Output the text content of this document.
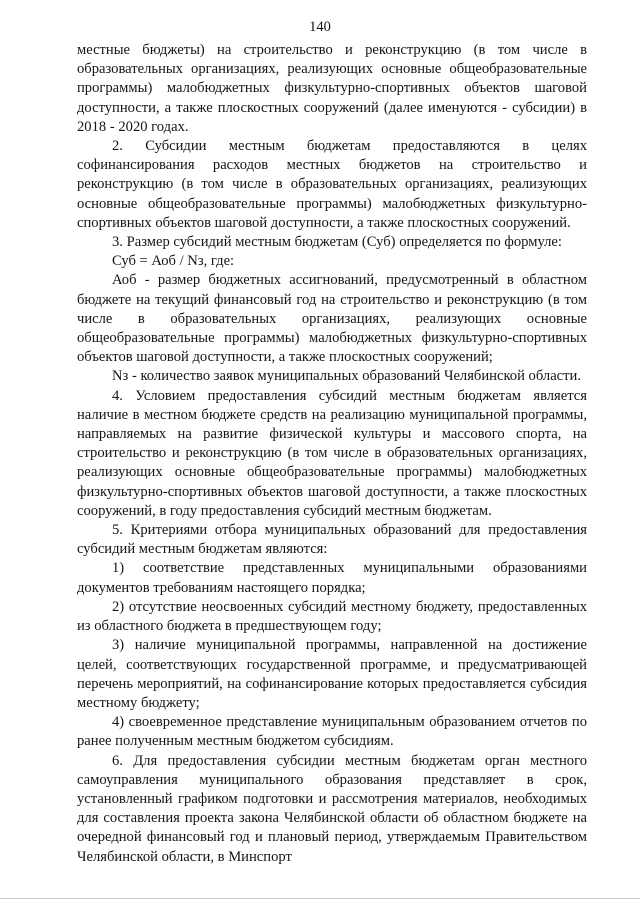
140

местные бюджеты) на строительство и реконструкцию (в том числе в образовательных организациях, реализующих основные общеобразовательные программы) малобюджетных физкультурно-спортивных объектов шаговой доступности, а также плоскостных сооружений (далее именуются - субсидии) в 2018 - 2020 годах.

2. Субсидии местным бюджетам предоставляются в целях софинансирования расходов местных бюджетов на строительство и реконструкцию (в том числе в образовательных организациях, реализующих основные общеобразовательные программы) малобюджетных физкультурно-спортивных объектов шаговой доступности, а также плоскостных сооружений.

3. Размер субсидий местным бюджетам (Суб) определяется по формуле:

Суб = Аоб / Nз, где:

Аоб - размер бюджетных ассигнований, предусмотренный в областном бюджете на текущий финансовый год на строительство и реконструкцию (в том числе в образовательных организациях, реализующих основные общеобразовательные программы) малобюджетных физкультурно-спортивных объектов шаговой доступности, а также плоскостных сооружений;

Nз - количество заявок муниципальных образований Челябинской области.

4. Условием предоставления субсидий местным бюджетам является наличие в местном бюджете средств на реализацию муниципальной программы, направляемых на развитие физической культуры и массового спорта, на строительство и реконструкцию (в том числе в образовательных организациях, реализующих основные общеобразовательные программы) малобюджетных физкультурно-спортивных объектов шаговой доступности, а также плоскостных сооружений, в году предоставления субсидий местным бюджетам.

5. Критериями отбора муниципальных образований для предоставления субсидий местным бюджетам являются:

1) соответствие представленных муниципальными образованиями документов требованиям настоящего порядка;

2) отсутствие неосвоенных субсидий местному бюджету, предоставленных из областного бюджета в предшествующем году;

3) наличие муниципальной программы, направленной на достижение целей, соответствующих государственной программе, и предусматривающей перечень мероприятий, на софинансирование которых предоставляется субсидия местному бюджету;

4) своевременное представление муниципальным образованием отчетов по ранее полученным местным бюджетом субсидиям.

6. Для предоставления субсидии местным бюджетам орган местного самоуправления муниципального образования представляет в срок, установленный графиком подготовки и рассмотрения материалов, необходимых для составления проекта закона Челябинской области об областном бюджете на очередной финансовый год и плановый период, утверждаемым Правительством Челябинской области, в Минспорт
